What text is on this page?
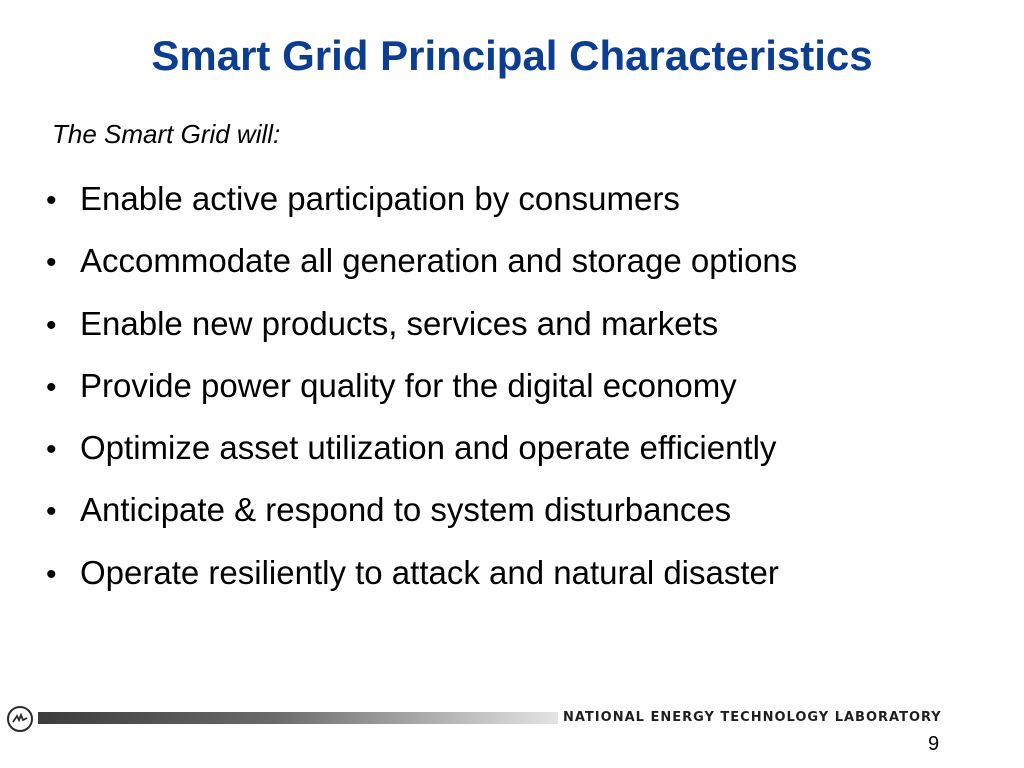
Smart Grid Principal Characteristics

The Smart Grid will:

• Enable active participation by consumers
• Accommodate all generation and storage options
• Enable new products, services and markets
• Provide power quality for the digital economy
• Optimize asset utilization and operate efficiently
• Anticipate & respond to system disturbances
• Operate resiliently to attack and natural disaster
NATIONAL ENERGY TECHNOLOGY LABORATORY
9
